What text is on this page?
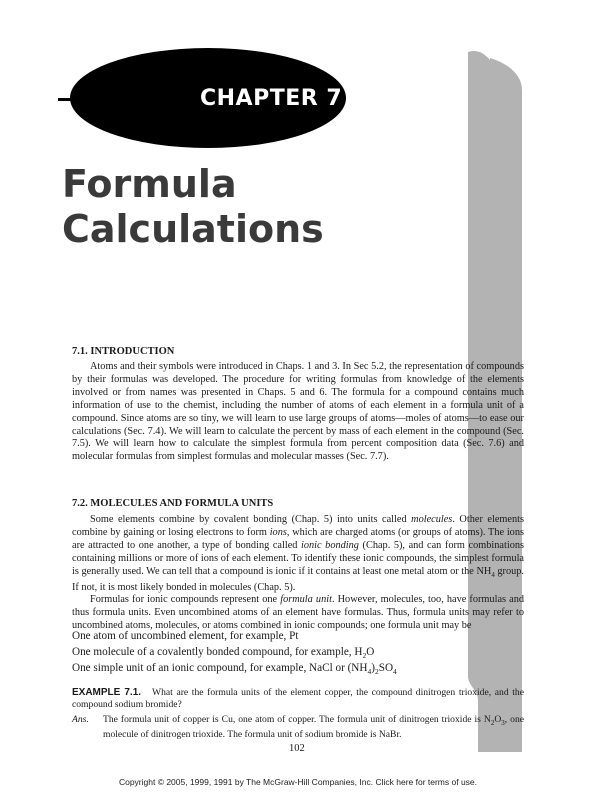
CHAPTER 7
Formula
Calculations
7.1. INTRODUCTION

Atoms and their symbols were introduced in Chaps. 1 and 3. In Sec 5.2, the representation of compounds by their formulas was developed. The procedure for writing formulas from knowledge of the elements involved or from names was presented in Chaps. 5 and 6. The formula for a compound contains much information of use to the chemist, including the number of atoms of each element in a formula unit of a compound. Since atoms are so tiny, we will learn to use large groups of atoms—moles of atoms—to ease our calculations (Sec. 7.4). We will learn to calculate the percent by mass of each element in the compound (Sec. 7.5). We will learn how to calculate the simplest formula from percent composition data (Sec. 7.6) and molecular formulas from simplest formulas and molecular masses (Sec. 7.7).

7.2. MOLECULES AND FORMULA UNITS

Some elements combine by covalent bonding (Chap. 5) into units called molecules. Other elements combine by gaining or losing electrons to form ions, which are charged atoms (or groups of atoms). The ions are attracted to one another, a type of bonding called ionic bonding (Chap. 5), and can form combinations containing millions or more of ions of each element. To identify these ionic compounds, the simplest formula is generally used. We can tell that a compound is ionic if it contains at least one metal atom or the $NH_4$ group. If not, it is most likely bonded in molecules (Chap. 5).

Formulas for ionic compounds represent one formula unit. However, molecules, too, have formulas and thus formula units. Even uncombined atoms of an element have formulas. Thus, formula units may refer to uncombined atoms, molecules, or atoms combined in ionic compounds; one formula unit may be

One atom of uncombined element, for example, Pt
One molecule of a covalently bonded compound, for example, $H_2O$
One simple unit of an ionic compound, for example, NaCl or $(NH_4)_2SO_4$
EXAMPLE 7.1. What are the formula units of the element copper, the compound dinitrogen trioxide, and the compound sodium bromide?
Ans. The formula unit of copper is Cu, one atom of copper. The formula unit of dinitrogen trioxide is $N_2O_3$, one molecule of dinitrogen trioxide. The formula unit of sodium bromide is NaBr.
102
Copyright © 2005, 1999, 1991 by The McGraw-Hill Companies, Inc. Click here for terms of use.
